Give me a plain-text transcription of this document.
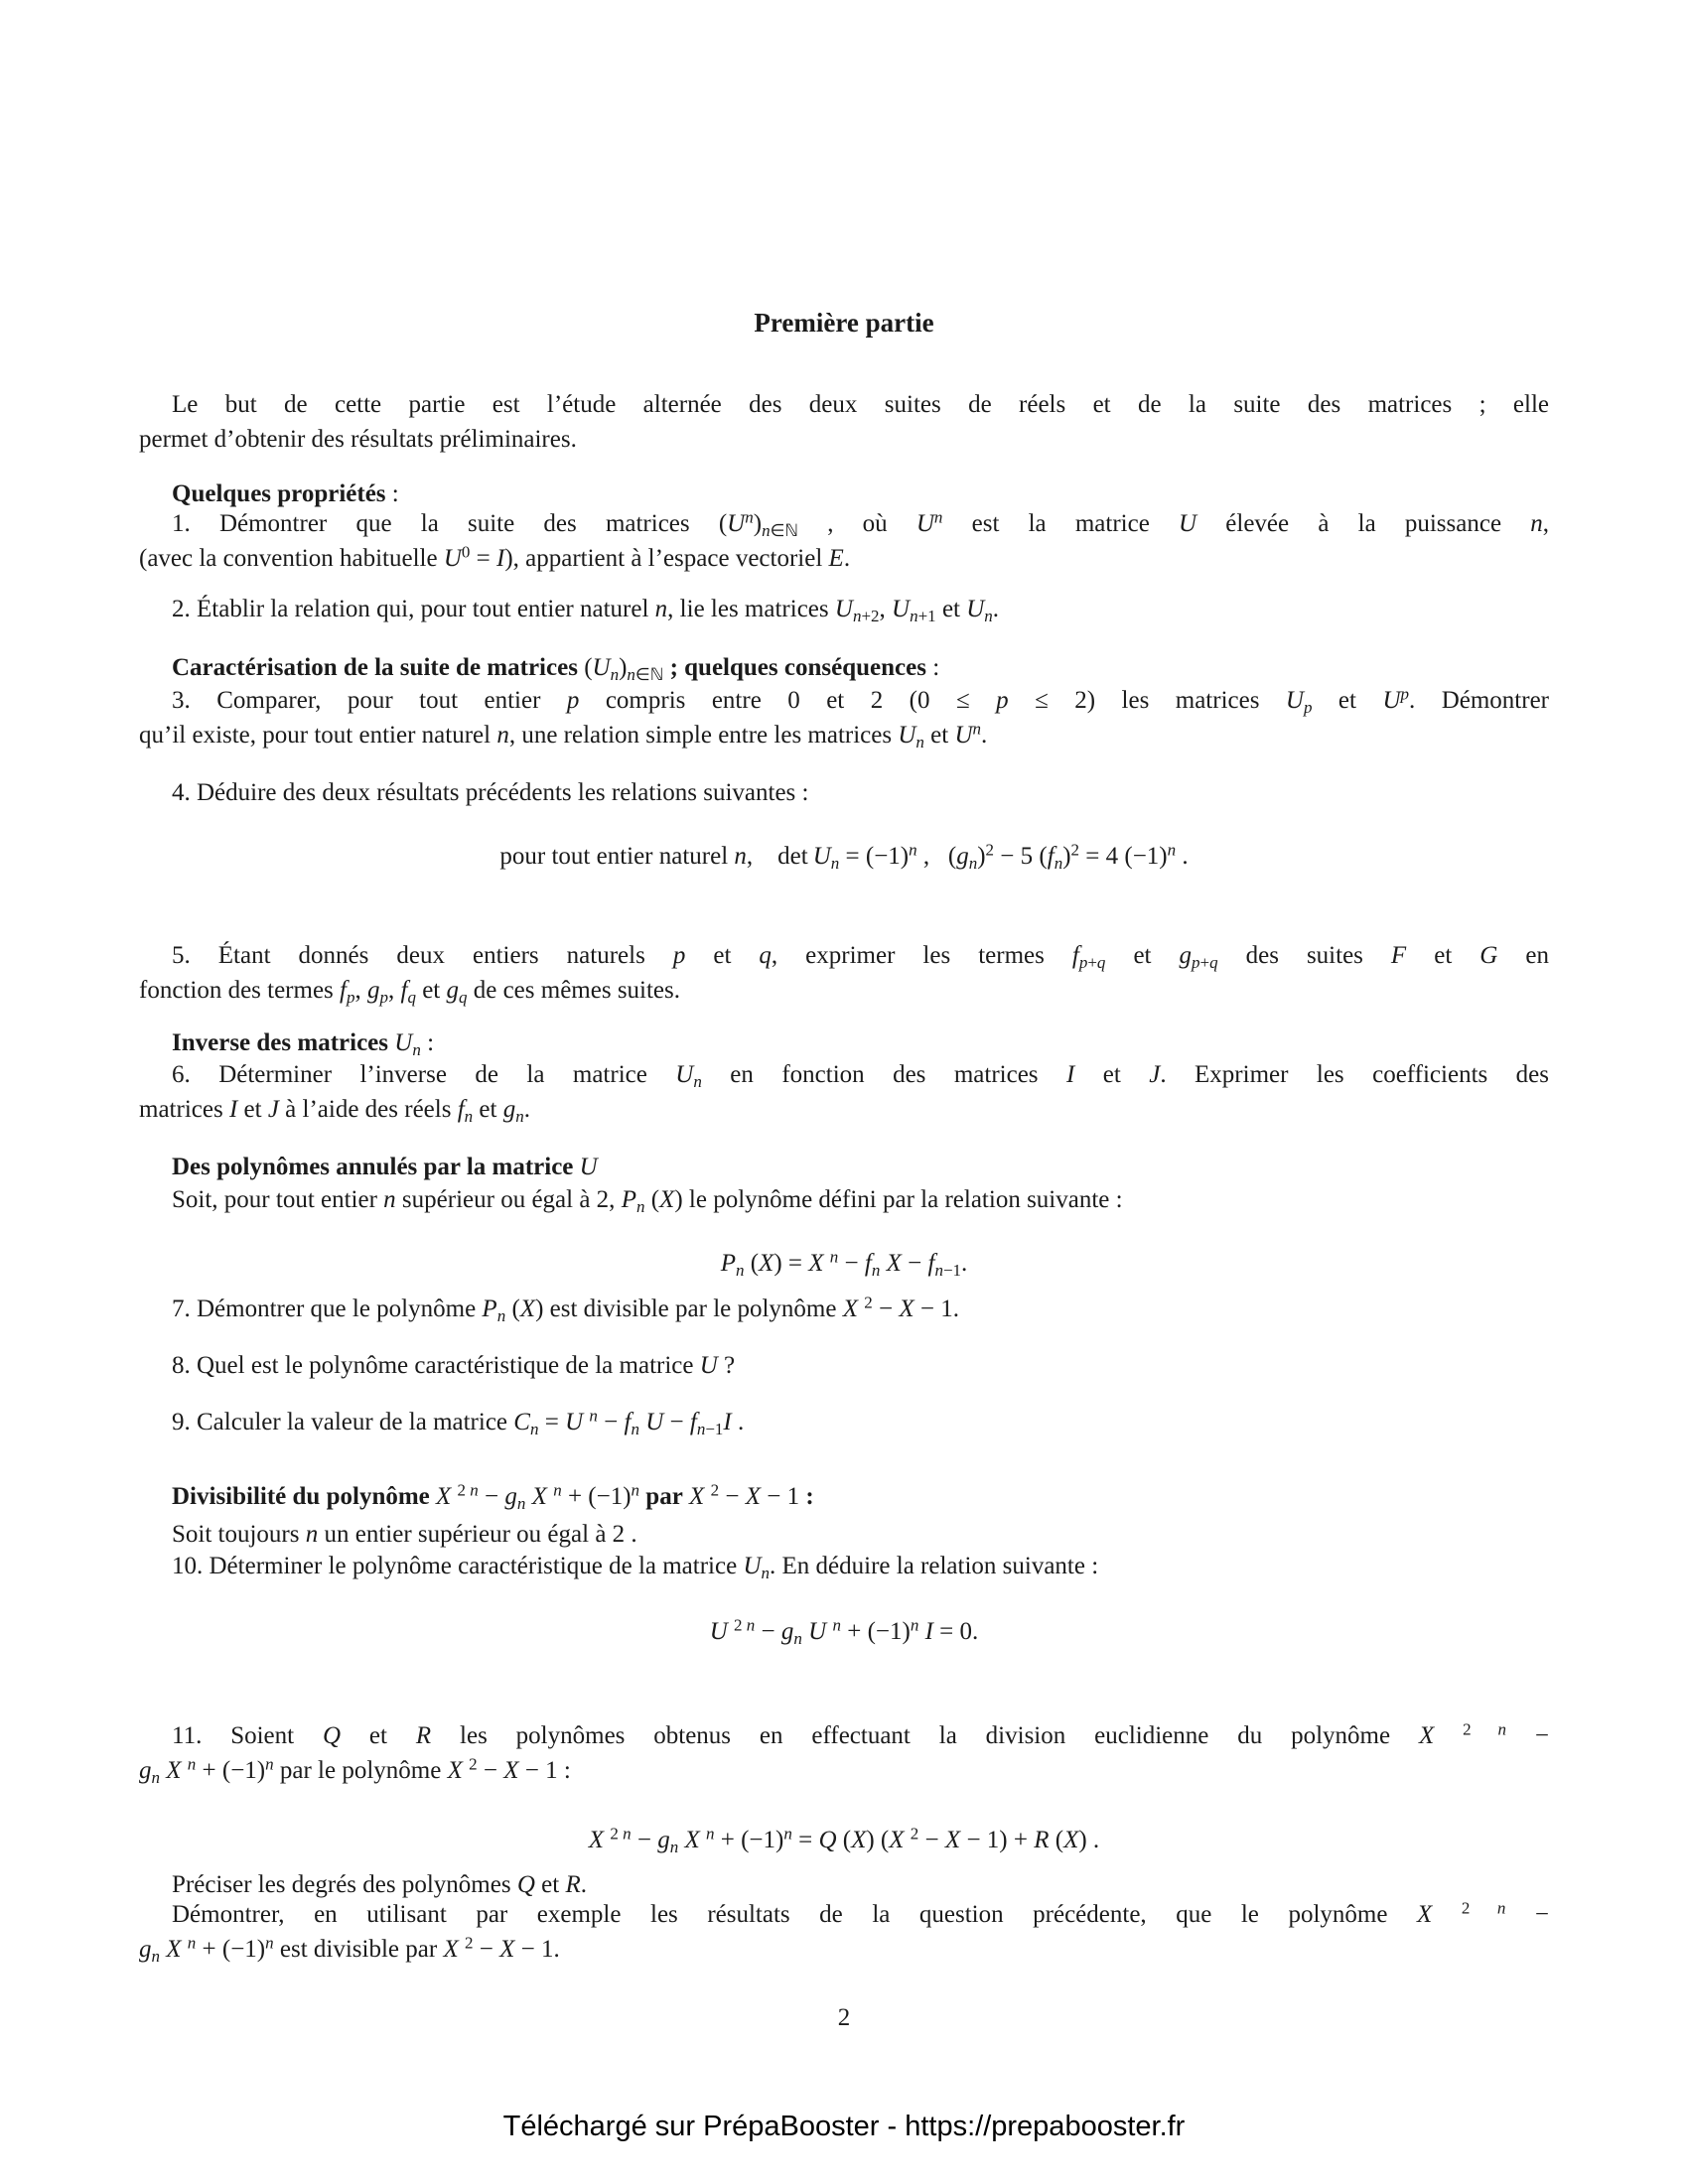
Première partie
Le but de cette partie est l’étude alternée des deux suites de réels et de la suite des matrices ; elle
permet d’obtenir des résultats préliminaires.
Quelques propriétés :
1. Démontrer que la suite des matrices $(U^n)_{n\in ℕ}$ , où $U^n$ est la matrice U élevée à la puissance n,
(avec la convention habituelle $U^0 = I$), appartient à l’espace vectoriel E.
2. Établir la relation qui, pour tout entier naturel n, lie les matrices $U_{n+2}$, $U_{n+1}$ et $U_n$.
Caractérisation de la suite de matrices $(U_n)_{n\in ℕ}$ ; quelques conséquences :
3. Comparer, pour tout entier p compris entre 0 et 2 (0 ≤ p ≤ 2) les matrices $U_p$ et $U^p$. Démontrer
qu’il existe, pour tout entier naturel n, une relation simple entre les matrices $U_n$ et $U^n$.
4. Déduire des deux résultats précédents les relations suivantes :
pour tout entier naturel n,    $\det U_n = (-1)^n$ ,   $(g_n)^2 - 5$ $(f_n)^2 = 4$ $(-1)^n$ .
5. Étant donnés deux entiers naturels p et q, exprimer les termes $f_{p+q}$ et $g_{p+q}$ des suites F et G en
fonction des termes $f_p$, $g_p$, $f_q$ et $g_q$ de ces mêmes suites.
Inverse des matrices $U_n$ :
6. Déterminer l’inverse de la matrice $U_n$ en fonction des matrices I et J. Exprimer les coefficients des
matrices I et J à l’aide des réels $f_n$ et $g_n$.
Des polynômes annulés par la matrice U
Soit, pour tout entier n supérieur ou égal à 2, $P_n$ (X) le polynôme défini par la relation suivante :
$P_n$ (X) = X $^n - f_n$ $X - f_{n-1}$.
7. Démontrer que le polynôme $P_n$ (X) est divisible par le polynôme X $^2$ − X − 1.
8. Quel est le polynôme caractéristique de la matrice U ?
9. Calculer la valeur de la matrice $C_n = U$ $^n - f_n$ $U - f_{n-1}I$ .
Divisibilité du polynôme X $^{2 n} - g_n$ X $^n + (-1)^n$ par X $^2$ − X − 1 :
Soit toujours n un entier supérieur ou égal à 2 .
10. Déterminer le polynôme caractéristique de la matrice $U_n$. En déduire la relation suivante :
U $^{2 n} - g_n$ U $^n + (-1)^n$ I = 0.
11. Soient Q et R les polynômes obtenus en effectuant la division euclidienne du polynôme X $^{2 n}$ −
$g_n$ X $^n + (-1)^n$ par le polynôme X $^2$ − X − 1 :
X $^{2 n} - g_n$ X $^n + (-1)^n = Q$ (X) (X $^2$ − X − 1) + R (X) .
Préciser les degrés des polynômes Q et R.
Démontrer, en utilisant par exemple les résultats de la question précédente, que le polynôme X $^{2 n}$ −
$g_n$ X $^n + (-1)^n$ est divisible par X $^2$ − X − 1.
2
Téléchargé sur PrépaBooster - https://prepabooster.fr
